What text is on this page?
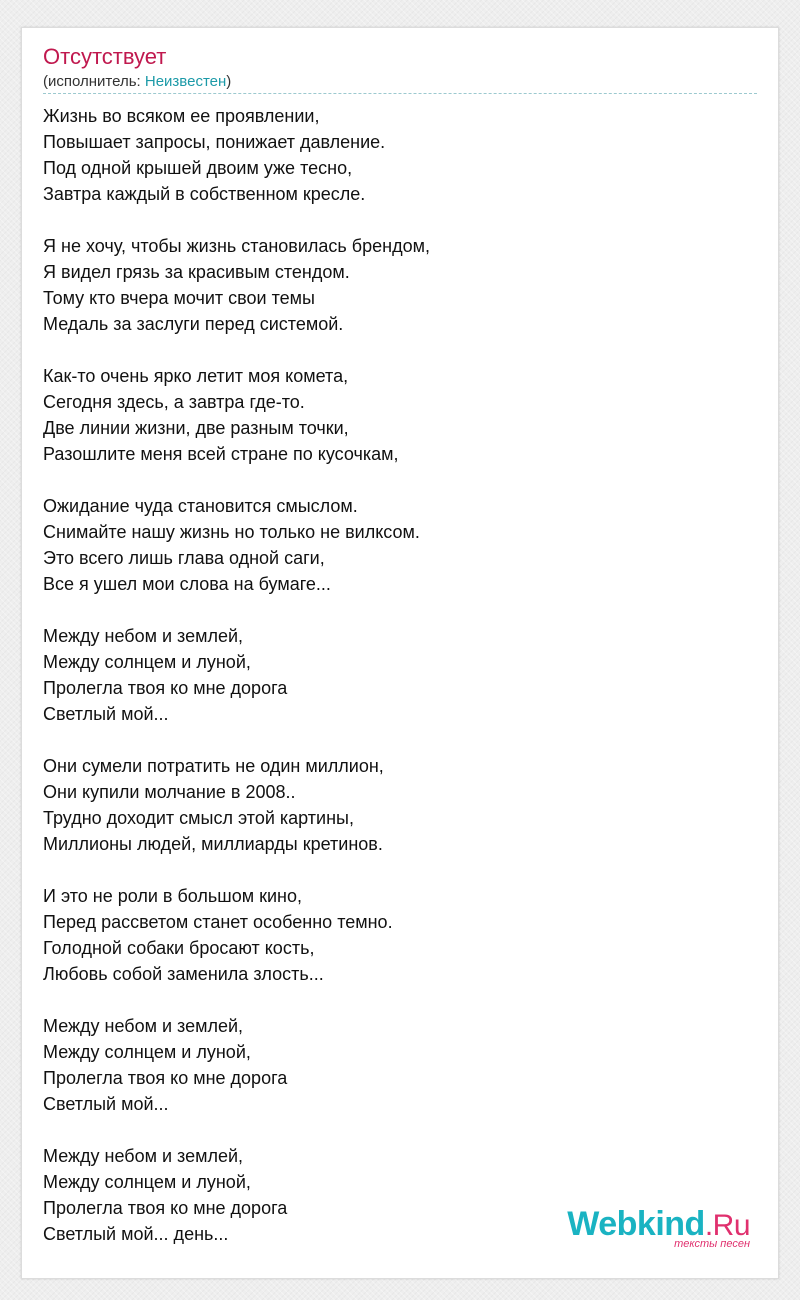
Отсутствует
(исполнитель: Неизвестен)
Жизнь во всяком ее проявлении,
Повышает запросы, понижает давление.
Под одной крышей двоим уже тесно,
Завтра каждый в собственном кресле.
Я не хочу, чтобы жизнь становилась брендом,
Я видел грязь за красивым стендом.
Тому кто вчера мочит свои темы
Медаль за заслуги перед системой.
Как-то очень ярко летит моя комета,
Сегодня здесь, а завтра где-то.
Две линии жизни, две разным точки,
Разошлите меня всей стране по кусочкам,
Ожидание чуда становится смыслом.
Снимайте нашу жизнь но только не вилксом.
Это всего лишь глава одной саги,
Все я ушел мои слова на бумаге...
Между небом и землей,
Между солнцем и луной,
Пролегла твоя ко мне дорога
Светлый мой...
Они сумели потратить не один миллион,
Они купили молчание в 2008..
Трудно доходит смысл этой картины,
Миллионы людей, миллиарды кретинов.
И это не роли в большом кино,
Перед рассветом станет особенно темно.
Голодной собаки бросают кость,
Любовь собой заменила злость...
Между небом и землей,
Между солнцем и луной,
Пролегла твоя ко мне дорога
Светлый мой...
Между небом и землей,
Между солнцем и луной,
Пролегла твоя ко мне дорога
Светлый мой... день...	Webkind.Ru
тексты песен
